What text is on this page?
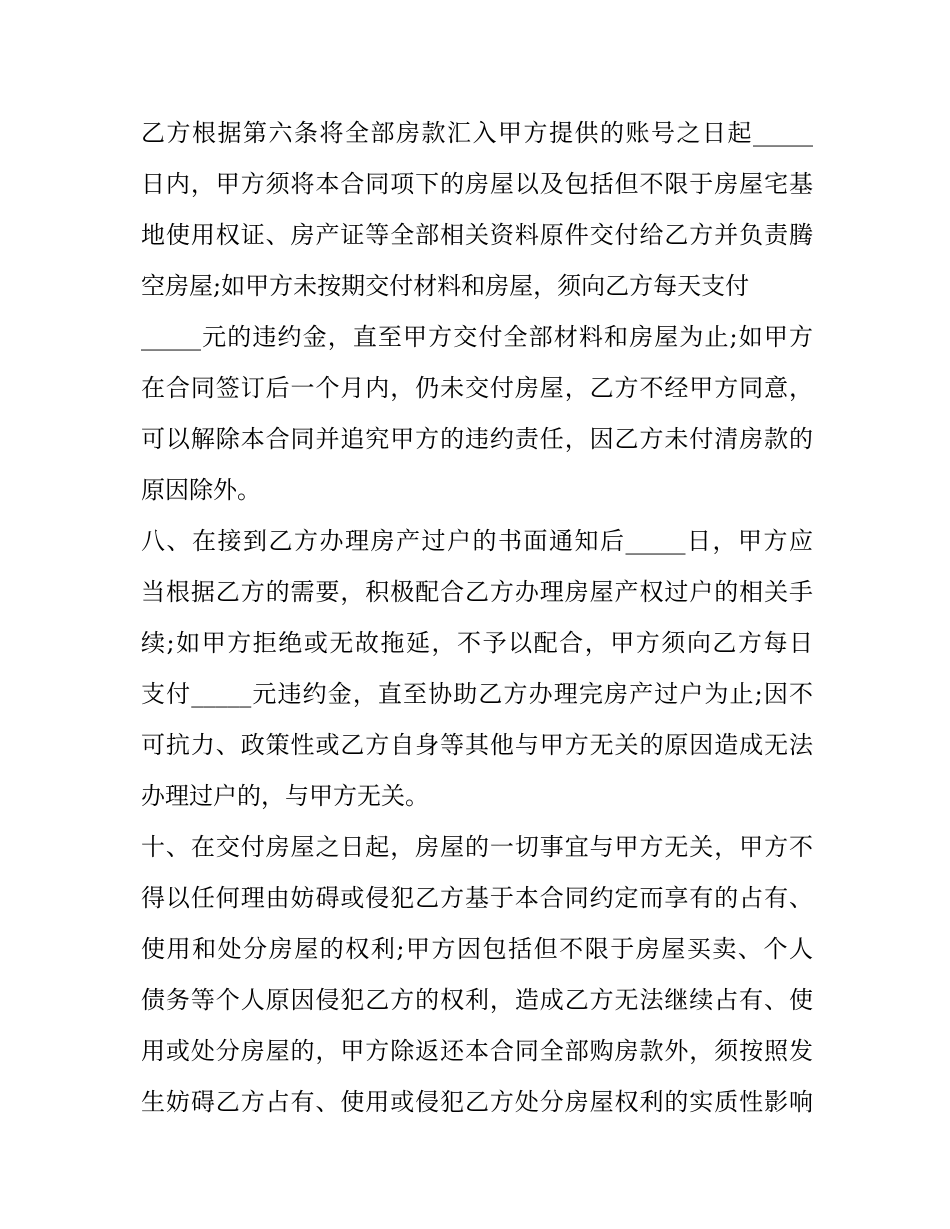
乙方根据第六条将全部房款汇入甲方提供的账号之日起_____
日内，甲方须将本合同项下的房屋以及包括但不限于房屋宅基
地使用权证、房产证等全部相关资料原件交付给乙方并负责腾
空房屋;如甲方未按期交付材料和房屋，须向乙方每天支付
_____元的违约金，直至甲方交付全部材料和房屋为止;如甲方
在合同签订后一个月内，仍未交付房屋，乙方不经甲方同意，
可以解除本合同并追究甲方的违约责任，因乙方未付清房款的
原因除外。
八、在接到乙方办理房产过户的书面通知后_____日，甲方应
当根据乙方的需要，积极配合乙方办理房屋产权过户的相关手
续;如甲方拒绝或无故拖延，不予以配合，甲方须向乙方每日
支付_____元违约金，直至协助乙方办理完房产过户为止;因不
可抗力、政策性或乙方自身等其他与甲方无关的原因造成无法
办理过户的，与甲方无关。
十、在交付房屋之日起，房屋的一切事宜与甲方无关，甲方不
得以任何理由妨碍或侵犯乙方基于本合同约定而享有的占有、
使用和处分房屋的权利;甲方因包括但不限于房屋买卖、个人
债务等个人原因侵犯乙方的权利，造成乙方无法继续占有、使
用或处分房屋的，甲方除返还本合同全部购房款外，须按照发
生妨碍乙方占有、使用或侵犯乙方处分房屋权利的实质性影响
